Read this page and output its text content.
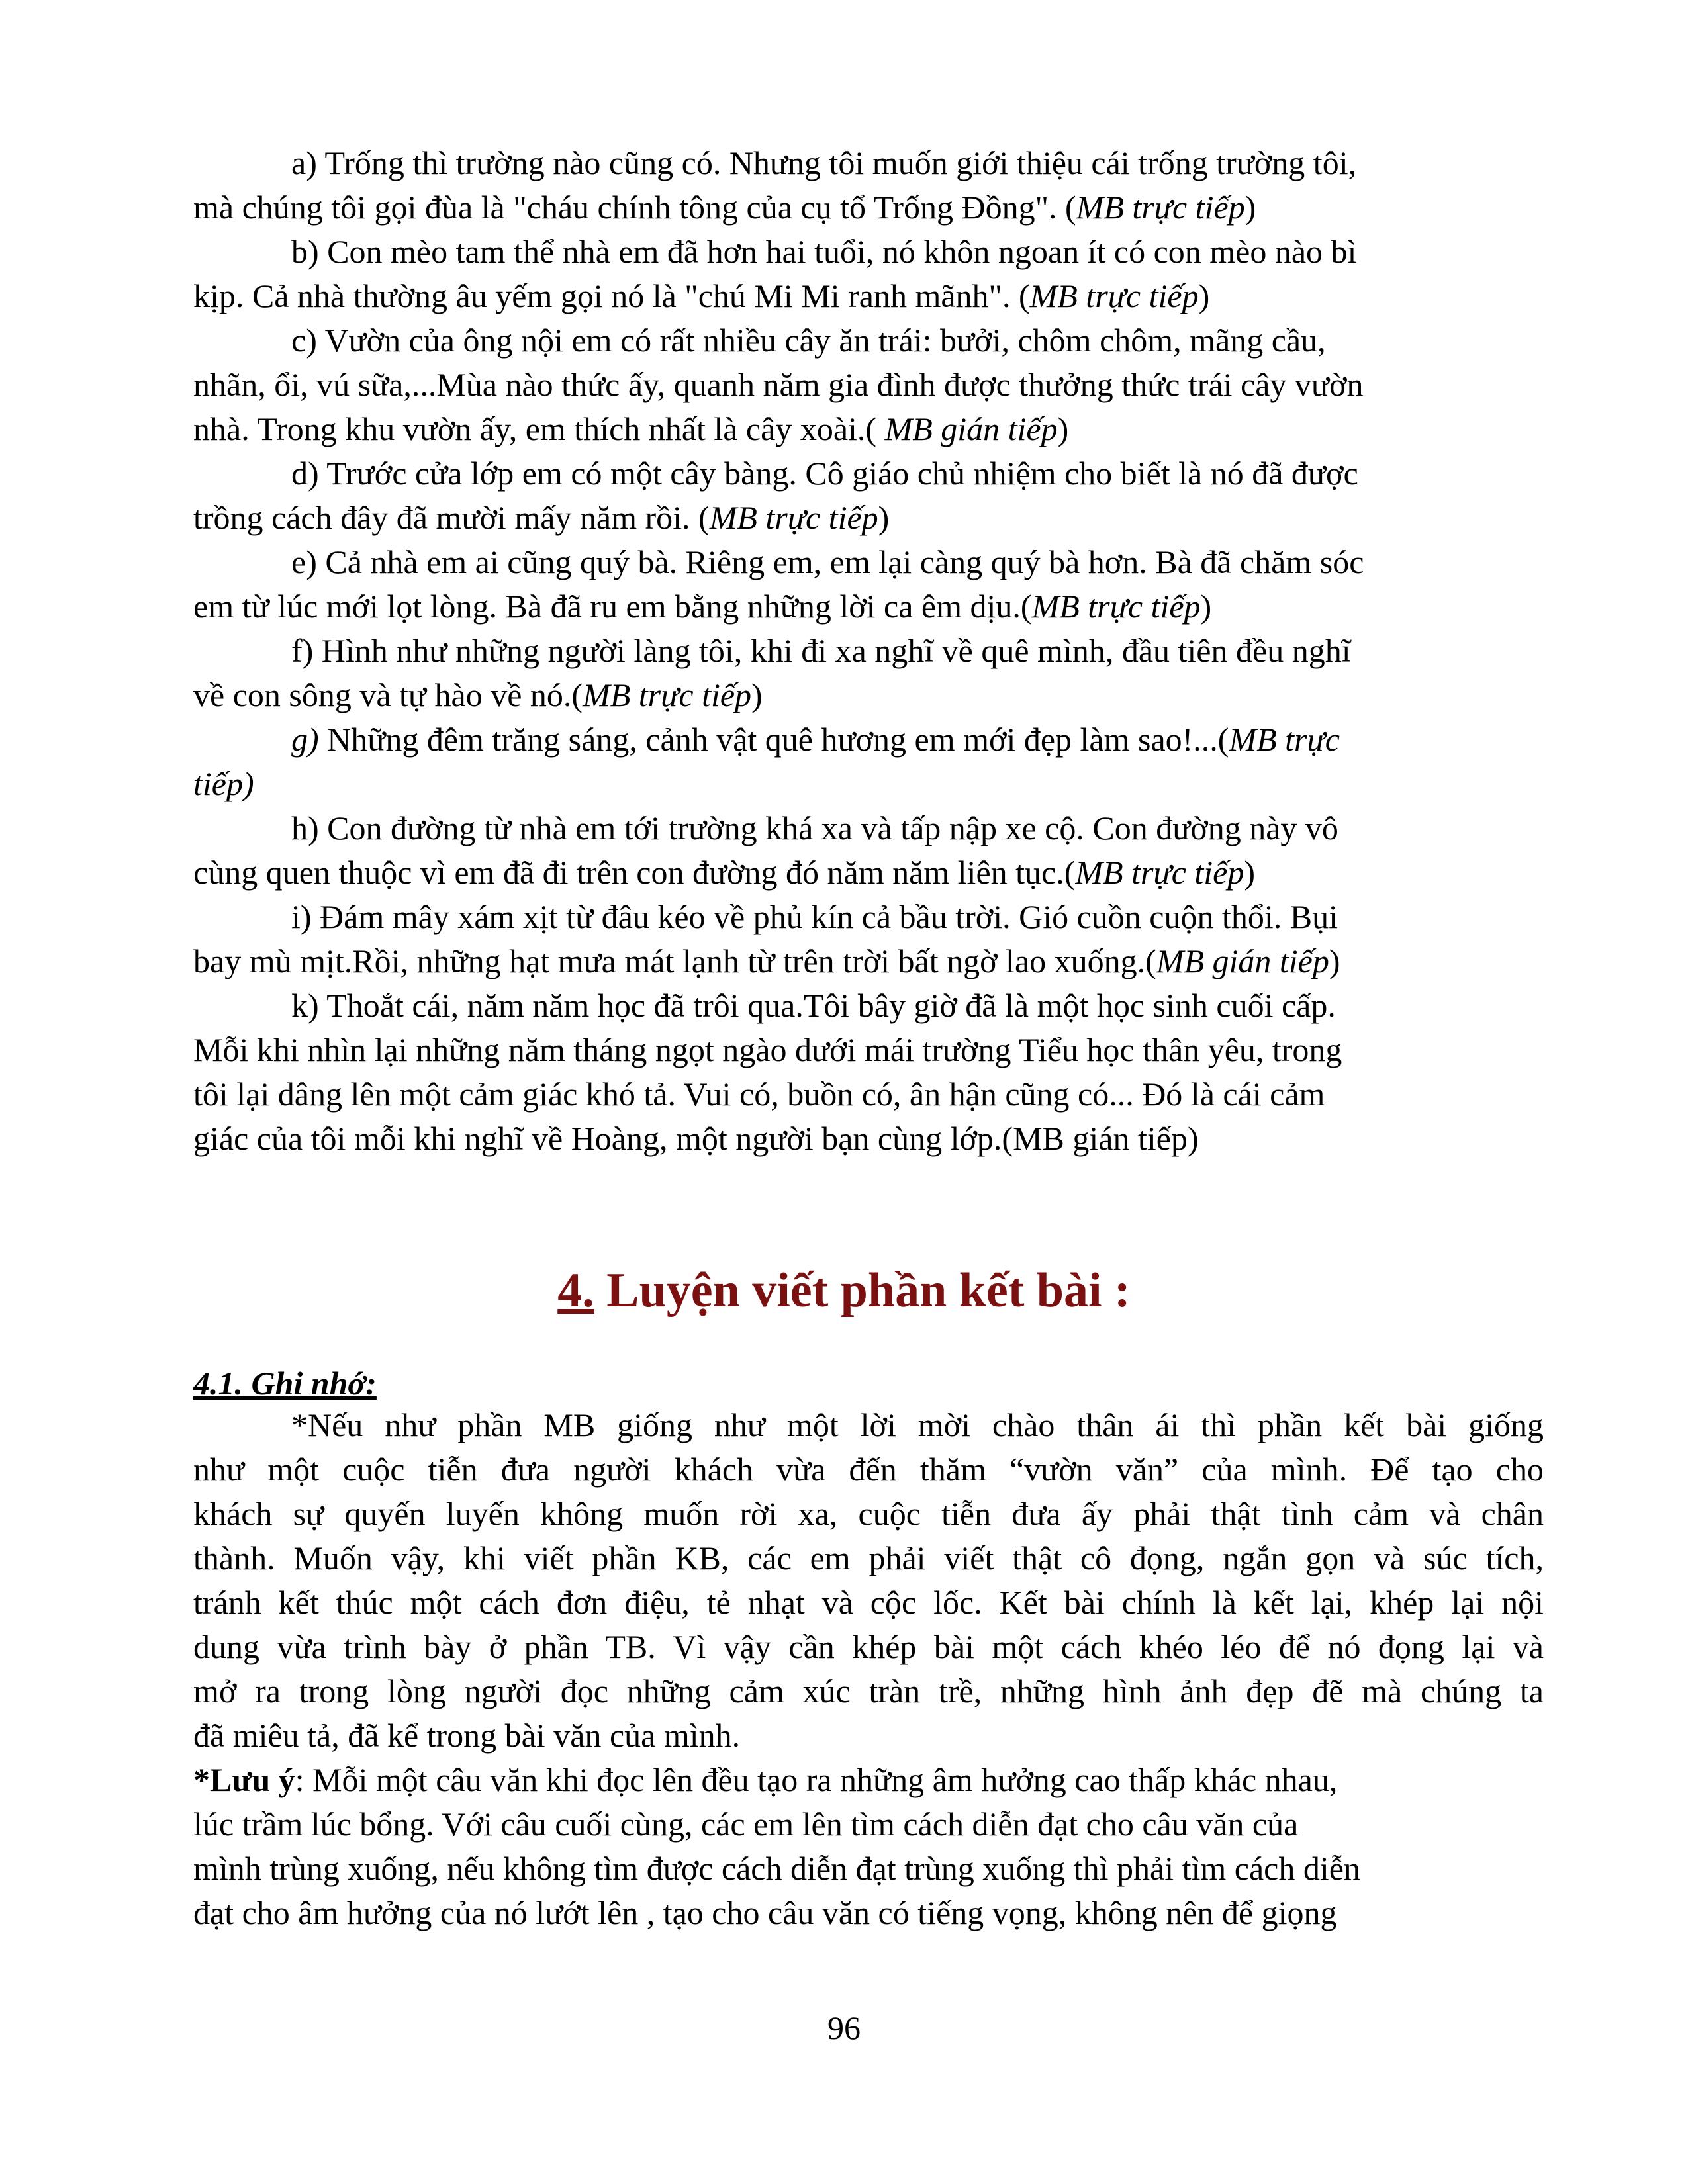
a) Trống thì trường nào cũng có. Nhưng tôi muốn giới thiệu cái trống trường tôi,
mà chúng tôi gọi đùa là "cháu chính tông của cụ tổ Trống Đồng". (MB trực tiếp)
b) Con mèo tam thể nhà em đã hơn hai tuổi, nó khôn ngoan ít có con mèo nào bì
kịp. Cả nhà thường âu yếm gọi nó là "chú Mi Mi ranh mãnh". (MB trực tiếp)
c) Vườn của ông nội em có rất nhiều cây ăn trái: bưởi, chôm chôm, mãng cầu,
nhãn, ổi, vú sữa,...Mùa nào thức ấy, quanh năm gia đình được thưởng thức trái cây vườn
nhà. Trong khu vườn ấy, em thích nhất là cây xoài.( MB gián tiếp)
d) Trước cửa lớp em có một cây bàng. Cô giáo chủ nhiệm cho biết là nó đã được
trồng cách đây đã mười mấy năm rồi. (MB trực tiếp)
e) Cả nhà em ai cũng quý bà. Riêng em, em lại càng quý bà hơn. Bà đã chăm sóc
em từ lúc mới lọt lòng. Bà đã ru em bằng những lời ca êm dịu.(MB trực tiếp)
f) Hình như những người làng tôi, khi đi xa nghĩ về quê mình, đầu tiên đều nghĩ
về con sông và tự hào về nó.(MB trực tiếp)
g) Những đêm trăng sáng, cảnh vật quê hương em mới đẹp làm sao!...(MB trực
tiếp)
h) Con đường từ nhà em tới trường khá xa và tấp nập xe cộ. Con đường này vô
cùng quen thuộc vì em đã đi trên con đường đó năm năm liên tục.(MB trực tiếp)
i) Đám mây xám xịt từ đâu kéo về phủ kín cả bầu trời. Gió cuồn cuộn thổi. Bụi
bay mù mịt.Rồi, những hạt mưa mát lạnh từ trên trời bất ngờ lao xuống.(MB gián tiếp)
k) Thoắt cái, năm năm học đã trôi qua.Tôi bây giờ đã là một học sinh cuối cấp.
Mỗi khi nhìn lại những năm tháng ngọt ngào dưới mái trường Tiểu học thân yêu, trong
tôi lại dâng lên một cảm giác khó tả. Vui có, buồn có, ân hận cũng có... Đó là cái cảm
giác của tôi mỗi khi nghĩ về Hoàng, một người bạn cùng lớp.(MB gián tiếp)
4. Luyện viết phần kết bài :
4.1. Ghi nhớ:
*Nếu như phần MB giống như một lời mời chào thân ái thì phần kết bài giống
như một cuộc tiễn đưa người khách vừa đến thăm “vườn văn” của mình. Để tạo cho
khách sự quyến luyến không muốn rời xa, cuộc tiễn đưa ấy phải thật tình cảm và chân
thành. Muốn vậy, khi viết phần KB, các em phải viết thật cô đọng, ngắn gọn và súc tích,
tránh kết thúc một cách đơn điệu, tẻ nhạt và cộc lốc. Kết bài chính là kết lại, khép lại nội
dung vừa trình bày ở phần TB. Vì vậy cần khép bài một cách khéo léo để nó đọng lại và
mở ra trong lòng người đọc những cảm xúc tràn trề, những hình ảnh đẹp đẽ mà chúng ta
đã miêu tả, đã kể trong bài văn của mình.
*Lưu ý: Mỗi một câu văn khi đọc lên đều tạo ra những âm hưởng cao thấp khác nhau,
lúc trầm lúc bổng. Với câu cuối cùng, các em lên tìm cách diễn đạt cho câu văn của
mình trùng xuống, nếu không tìm được cách diễn đạt trùng xuống thì phải tìm cách diễn
đạt cho âm hưởng của nó lướt lên , tạo cho câu văn có tiếng vọng, không nên để giọng
96
